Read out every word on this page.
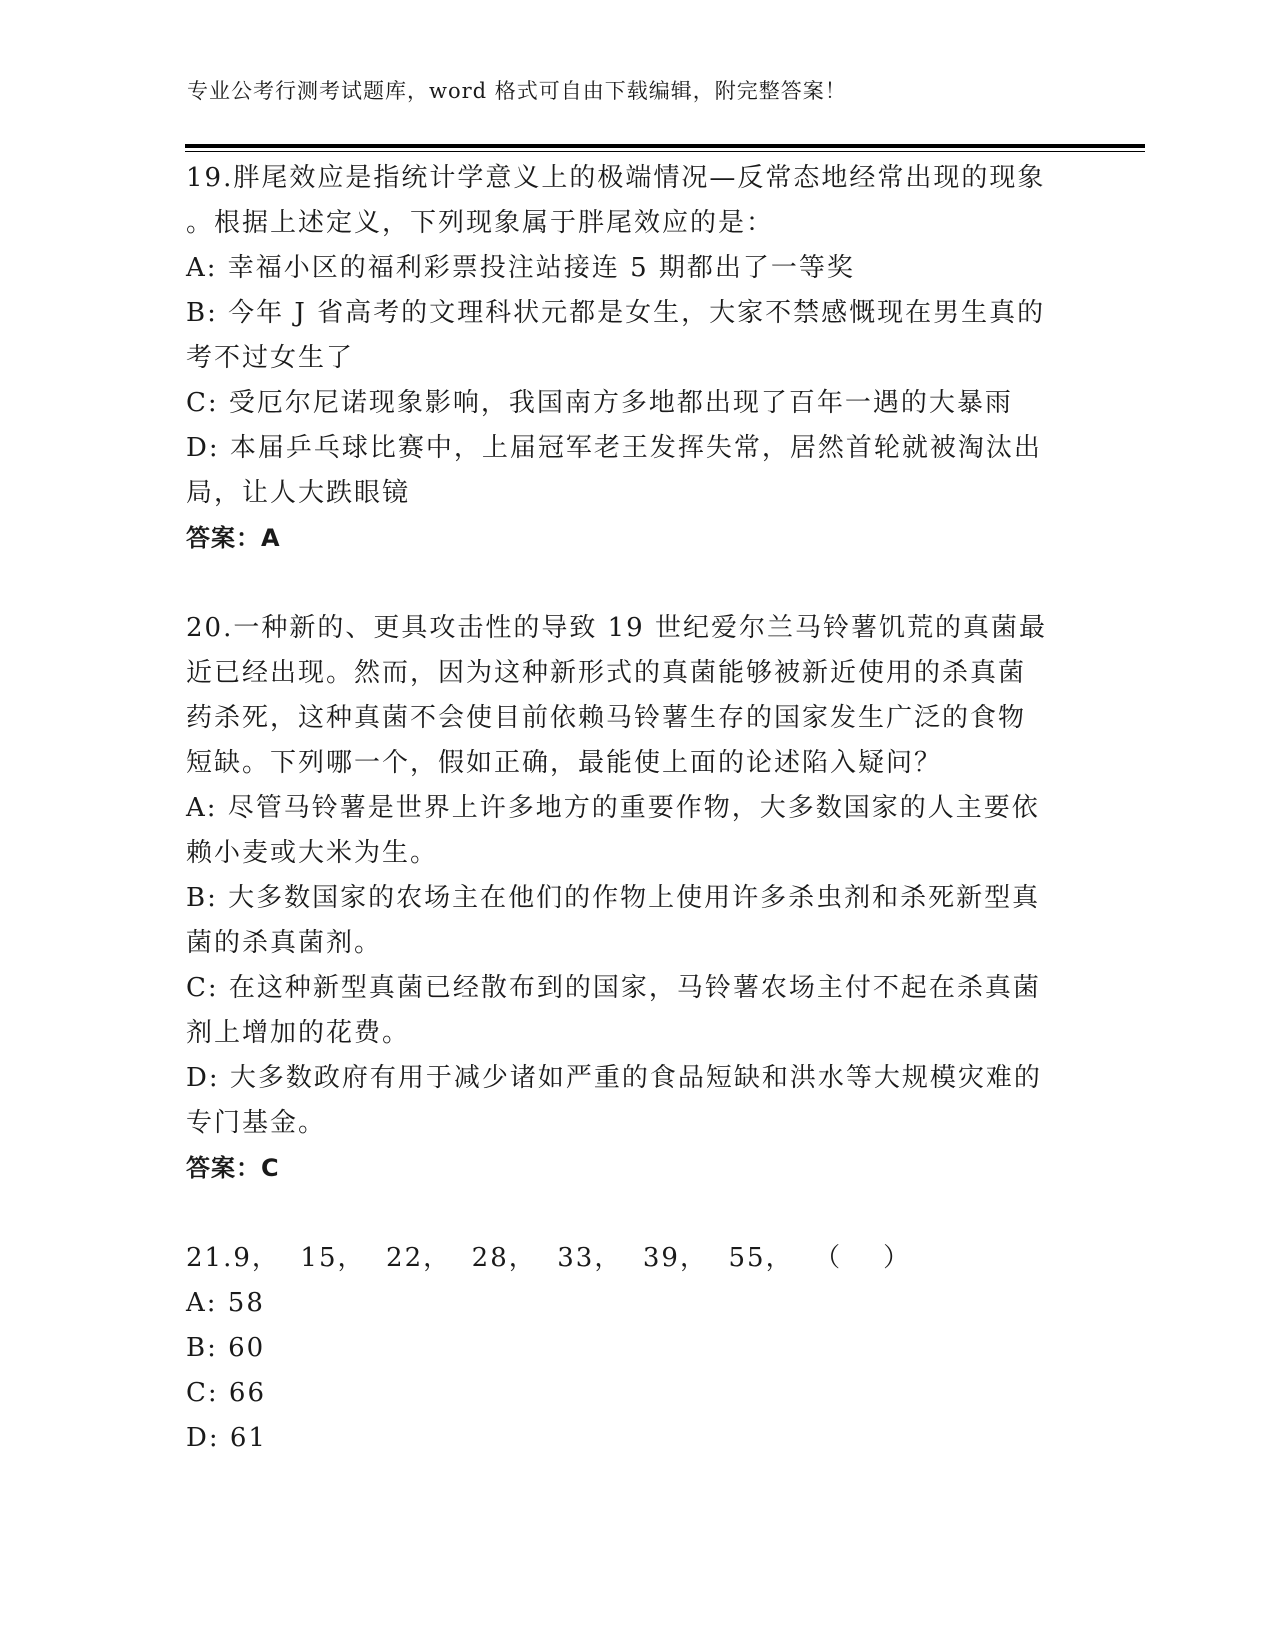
专业公考行测考试题库，word 格式可自由下载编辑，附完整答案！
19.胖尾效应是指统计学意义上的极端情况—反常态地经常出现的现象
。根据上述定义，下列现象属于胖尾效应的是：
A: 幸福小区的福利彩票投注站接连 5 期都出了一等奖
B: 今年 J 省高考的文理科状元都是女生，大家不禁感慨现在男生真的
考不过女生了
C: 受厄尔尼诺现象影响，我国南方多地都出现了百年一遇的大暴雨
D: 本届乒乓球比赛中，上届冠军老王发挥失常，居然首轮就被淘汰出
局，让人大跌眼镜
答案：A
20.一种新的、更具攻击性的导致 19 世纪爱尔兰马铃薯饥荒的真菌最
近已经出现。然而，因为这种新形式的真菌能够被新近使用的杀真菌
药杀死，这种真菌不会使目前依赖马铃薯生存的国家发生广泛的食物
短缺。下列哪一个，假如正确，最能使上面的论述陷入疑问？
A: 尽管马铃薯是世界上许多地方的重要作物，大多数国家的人主要依
赖小麦或大米为生。
B: 大多数国家的农场主在他们的作物上使用许多杀虫剂和杀死新型真
菌的杀真菌剂。
C: 在这种新型真菌已经散布到的国家，马铃薯农场主付不起在杀真菌
剂上增加的花费。
D: 大多数政府有用于减少诸如严重的食品短缺和洪水等大规模灾难的
专门基金。
答案：C
21.9，  15，  22，  28，  33，  39，  55，  （    ）
A: 58
B: 60
C: 66
D: 61
